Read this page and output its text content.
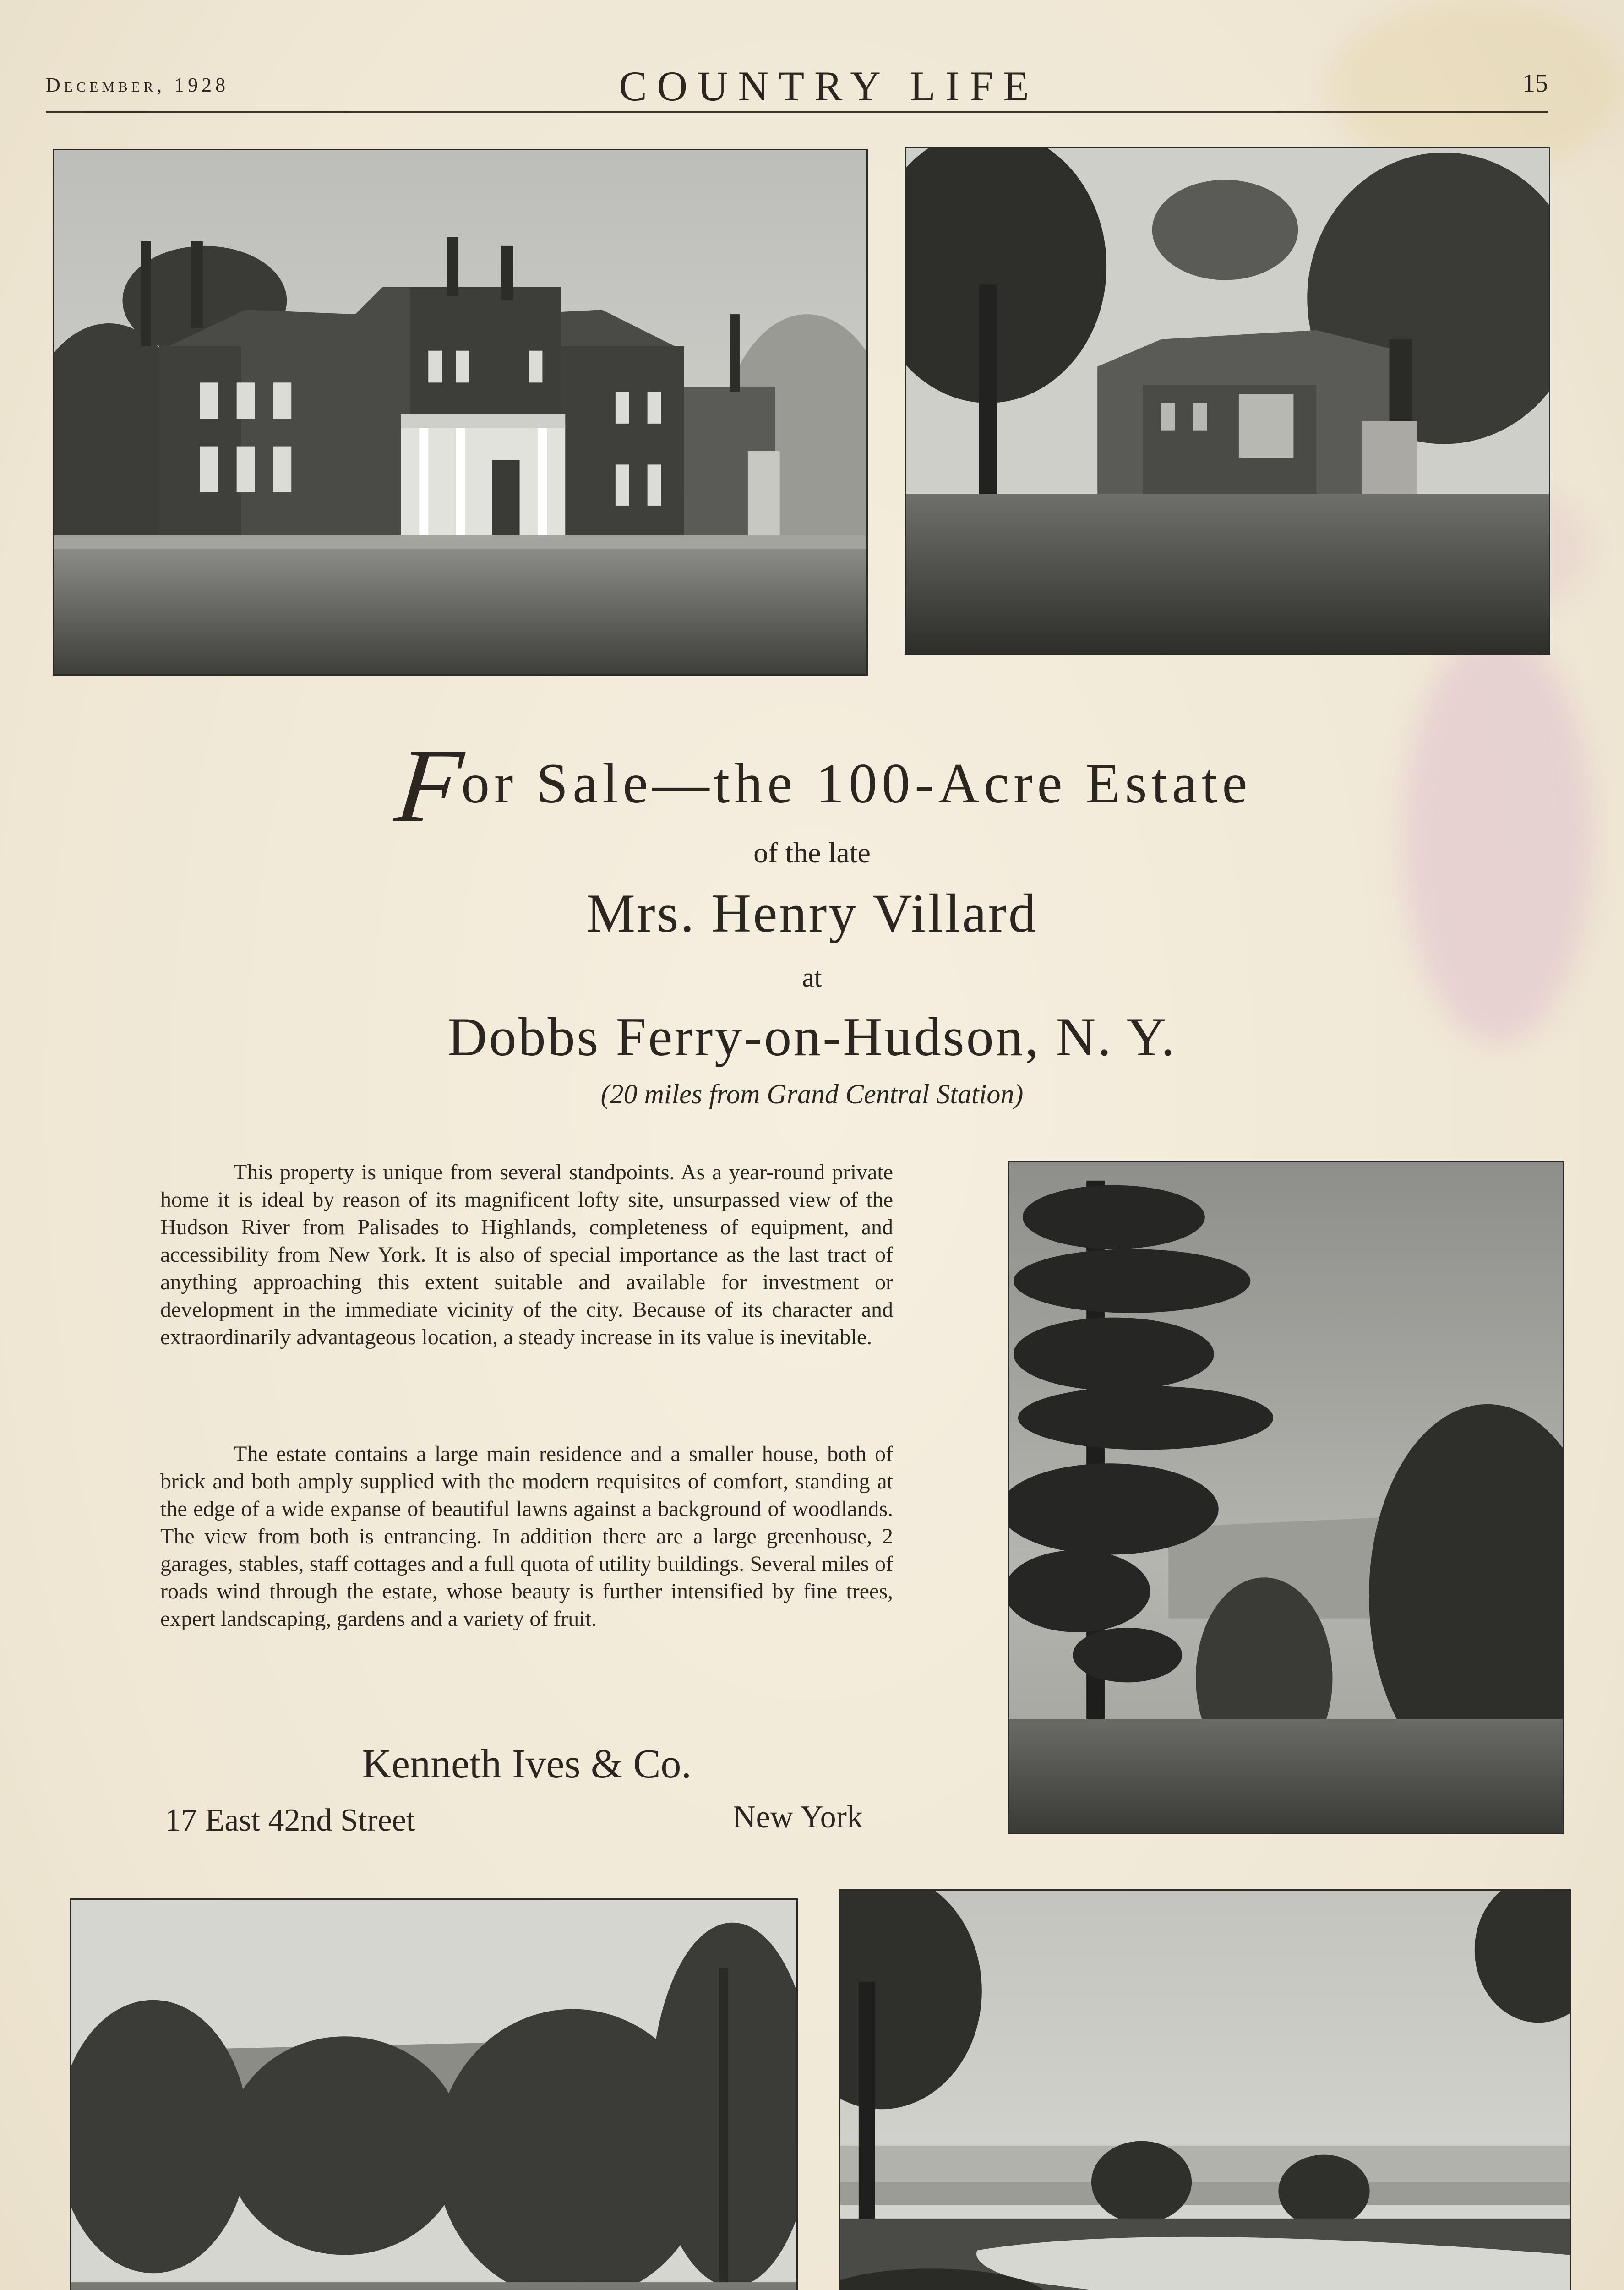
December, 1928	COUNTRY LIFE	15
For Sale—the 100-Acre Estate
of the late
Mrs. Henry Villard
at
Dobbs Ferry-on-Hudson, N. Y.
(20 miles from Grand Central Station)
This property is unique from several standpoints. As a year-round private home it is ideal by reason of its magnificent lofty site, unsurpassed view of the Hudson River from Palisades to Highlands, completeness of equipment, and accessibility from New York. It is also of special importance as the last tract of anything approaching this extent suitable and available for investment or development in the immediate vicinity of the city. Because of its character and extraordinarily advantageous location, a steady increase in its value is inevitable.
The estate contains a large main residence and a smaller house, both of brick and both amply supplied with the modern requisites of comfort, standing at the edge of a wide expanse of beautiful lawns against a background of woodlands. The view from both is entrancing. In addition there are a large greenhouse, 2 garages, stables, staff cottages and a full quota of utility buildings. Several miles of roads wind through the estate, whose beauty is further intensified by fine trees, expert landscaping, gardens and a variety of fruit.
Kenneth Ives & Co.
17 East 42nd Street	New York
